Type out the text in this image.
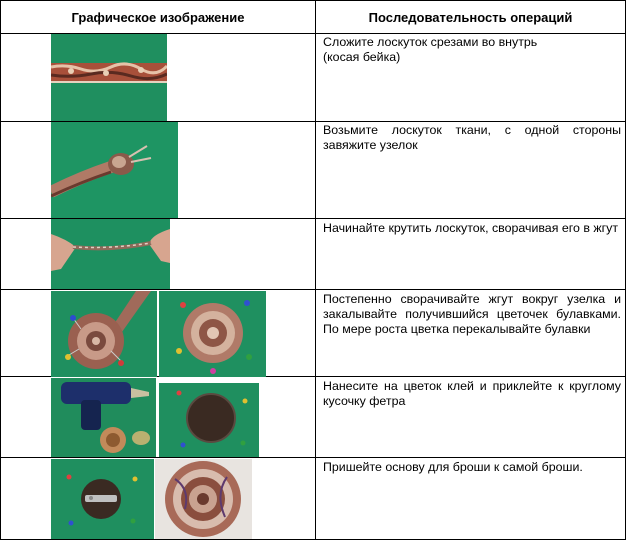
Графическое изображение	Последовательность операций
Сложите лоскуток срезами во внутрь
(косая бейка)
Возьмите лоскуток ткани, с одной стороны завяжите узелок
Начинайте крутить лоскуток, сворачивая его в жгут
Постепенно сворачивайте жгут вокруг узелка и закалывайте получившийся цветочек булавками. По мере роста цветка перекалывайте булавки
Нанесите на цветок клей и приклейте к круглому кусочку фетра
Пришейте основу для броши к самой броши.
